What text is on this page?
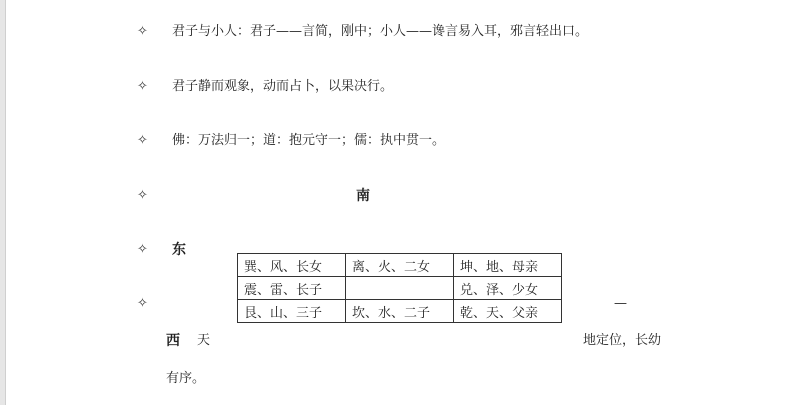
✧
✧
✧
✧
✧
✧
君子与小人：君子——言简，刚中；小人——谗言易入耳，邪言轻出口。
君子静而观象，动而占卜，以果决行。
佛：万法归一；道：抱元守一；儒：执中贯一。
南
东
西
巽、风、长女	离、火、二女	坤、地、母亲
震、雷、长子		兑、泽、少女
艮、山、三子	坎、水、二子	乾、天、父亲
—
天	地定位，长幼
有序。
